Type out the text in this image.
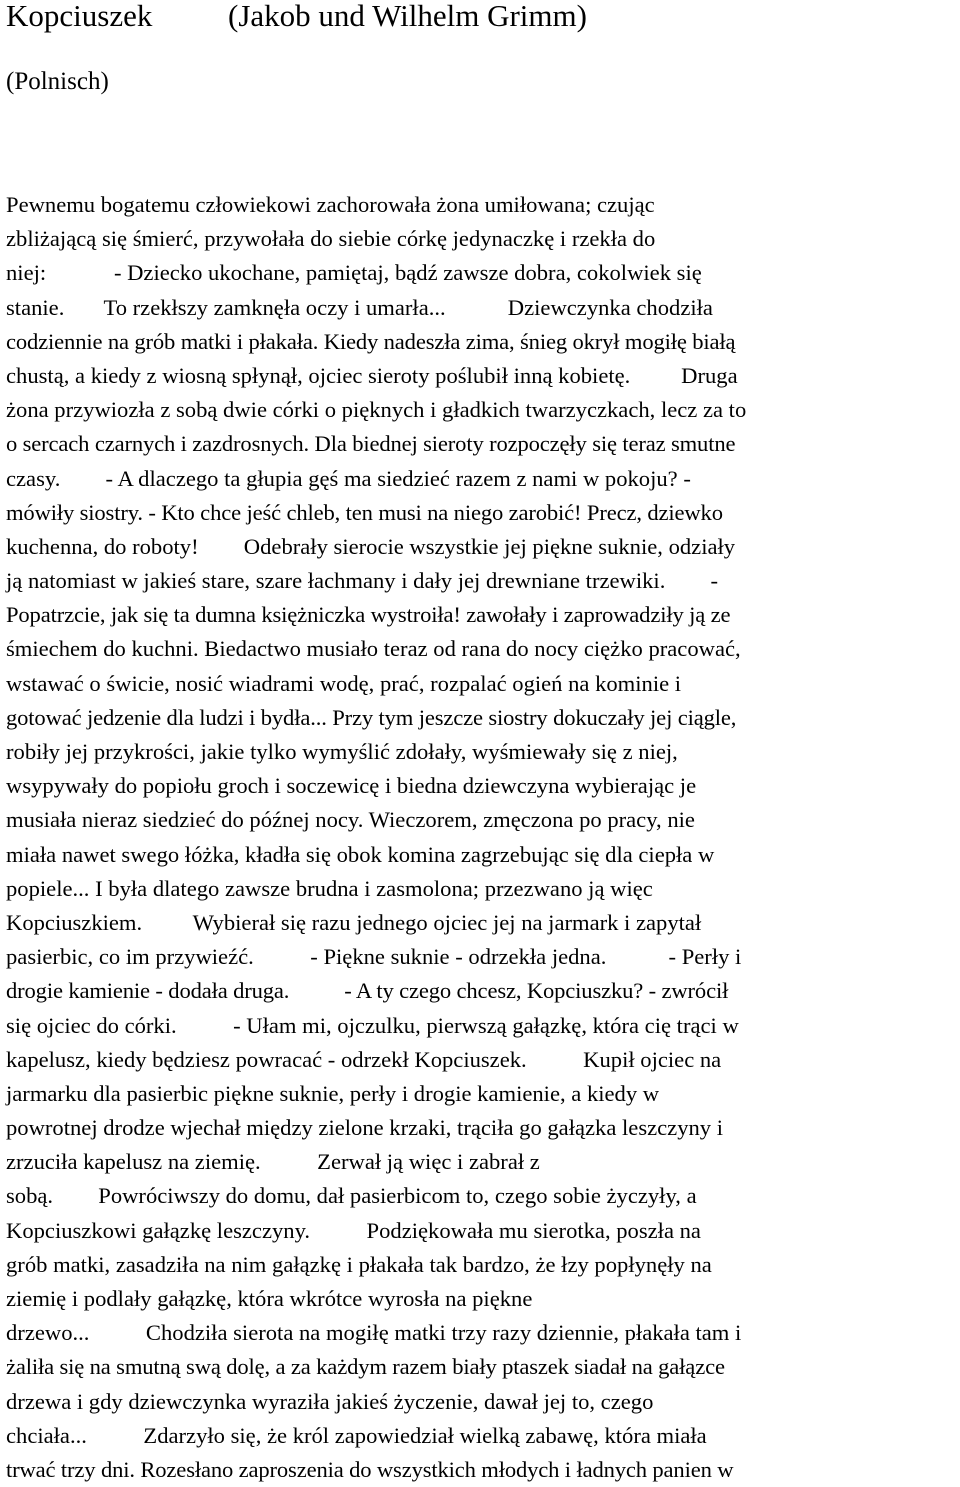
Kopciuszek (Jakob und Wilhelm Grimm)
(Polnisch)
Pewnemu bogatemu człowiekowi zachorowała żona umiłowana; czując
zbliżającą się śmierć, przywołała do siebie córkę jedynaczkę i rzekła do
niej:            - Dziecko ukochane, pamiętaj, bądź zawsze dobra, cokolwiek się
stanie.       To rzekłszy zamknęła oczy i umarła...           Dziewczynka chodziła
codziennie na grób matki i płakała. Kiedy nadeszła zima, śnieg okrył mogiłę białą
chustą, a kiedy z wiosną spłynął, ojciec sieroty poślubił inną kobietę.         Druga
żona przywiozła z sobą dwie córki o pięknych i gładkich twarzyczkach, lecz za to
o sercach czarnych i zazdrosnych. Dla biednej sieroty rozpoczęły się teraz smutne
czasy.        - A dlaczego ta głupia gęś ma siedzieć razem z nami w pokoju? -
mówiły siostry. - Kto chce jeść chleb, ten musi na niego zarobić! Precz, dziewko
kuchenna, do roboty!        Odebrały sierocie wszystkie jej piękne suknie, odziały
ją natomiast w jakieś stare, szare łachmany i dały jej drewniane trzewiki.        -
Popatrzcie, jak się ta dumna księżniczka wystroiła! zawołały i zaprowadziły ją ze
śmiechem do kuchni. Biedactwo musiało teraz od rana do nocy ciężko pracować,
wstawać o świcie, nosić wiadrami wodę, prać, rozpalać ogień na kominie i
gotować jedzenie dla ludzi i bydła... Przy tym jeszcze siostry dokuczały jej ciągle,
robiły jej przykrości, jakie tylko wymyślić zdołały, wyśmiewały się z niej,
wsypywały do popiołu groch i soczewicę i biedna dziewczyna wybierając je
musiała nieraz siedzieć do późnej nocy. Wieczorem, zmęczona po pracy, nie
miała nawet swego łóżka, kładła się obok komina zagrzebując się dla ciepła w
popiele... I była dlatego zawsze brudna i zasmolona; przezwano ją więc
Kopciuszkiem.         Wybierał się razu jednego ojciec jej na jarmark i zapytał
pasierbic, co im przywieźć.          - Piękne suknie - odrzekła jedna.           - Perły i
drogie kamienie - dodała druga.          - A ty czego chcesz, Kopciuszku? - zwrócił
się ojciec do córki.          - Ułam mi, ojczulku, pierwszą gałązkę, która cię trąci w
kapelusz, kiedy będziesz powracać - odrzekł Kopciuszek.          Kupił ojciec na
jarmarku dla pasierbic piękne suknie, perły i drogie kamienie, a kiedy w
powrotnej drodze wjechał między zielone krzaki, trąciła go gałązka leszczyny i
zrzuciła kapelusz na ziemię.          Zerwał ją więc i zabrał z
sobą.        Powróciwszy do domu, dał pasierbicom to, czego sobie życzyły, a
Kopciuszkowi gałązkę leszczyny.          Podziękowała mu sierotka, poszła na
grób matki, zasadziła na nim gałązkę i płakała tak bardzo, że łzy popłynęły na
ziemię i podlały gałązkę, która wkrótce wyrosła na piękne
drzewo...          Chodziła sierota na mogiłę matki trzy razy dziennie, płakała tam i
żaliła się na smutną swą dolę, a za każdym razem biały ptaszek siadał na gałązce
drzewa i gdy dziewczynka wyraziła jakieś życzenie, dawał jej to, czego
chciała...          Zdarzyło się, że król zapowiedział wielką zabawę, która miała
trwać trzy dni. Rozesłano zaproszenia do wszystkich młodych i ładnych panien w
